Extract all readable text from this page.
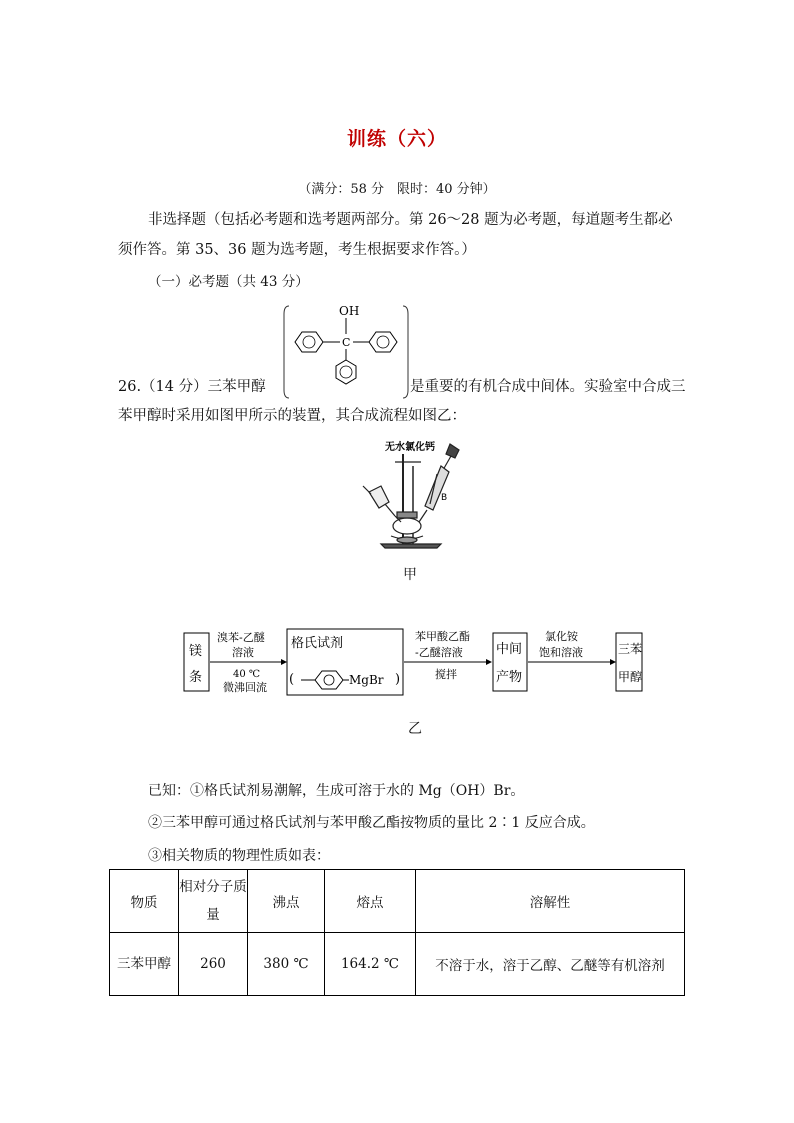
训练（六）
（满分：58 分　限时：40 分钟）
非选择题（包括必考题和选考题两部分。第 26～28 题为必考题，每道题考生都必须作答。第 35、36 题为选考题，考生根据要求作答。）
（一）必考题（共 43 分）
OH
C
26.（14 分）三苯甲醇	是重要的有机合成中间体。实验室中合成三
苯甲醇时采用如图甲所示的装置，其合成流程如图乙：
无水氯化钙
B
甲
镁
条
溴苯-乙醚
溶液
40 ℃
微沸回流
格氏试剂
(	MgBr )
苯甲酸乙酯
-乙醚溶液
搅拌
中间
产物
氯化铵
饱和溶液	三苯
甲醇
乙
已知：①格氏试剂易潮解，生成可溶于水的 Mg（OH）Br。
②三苯甲醇可通过格氏试剂与苯甲酸乙酯按物质的量比 2∶1 反应合成。
③相关物质的物理性质如表：
物质	相对分子质量	沸点	熔点	溶解性
三苯甲醇	260	380 ℃	164.2 ℃	不溶于水，溶于乙醇、乙醚等有机溶剂
